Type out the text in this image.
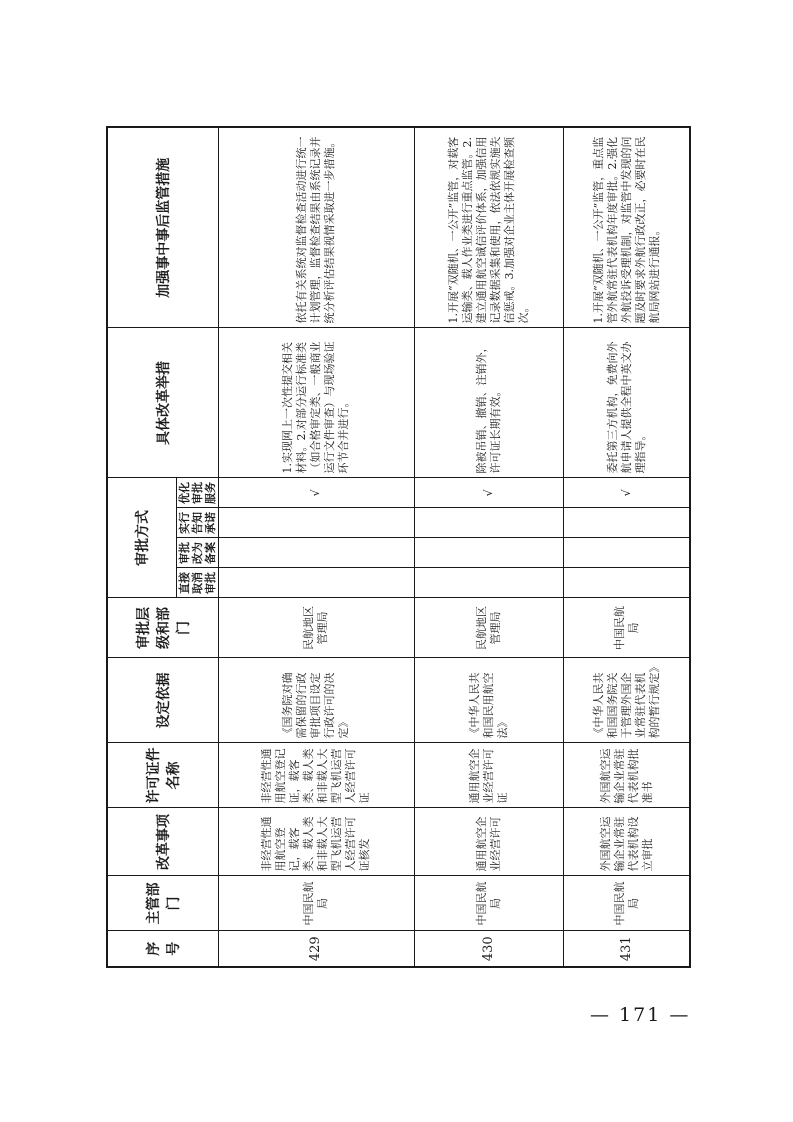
序号	主管部门	改革事项	许可证件名称	设定依据	审批层级和部门	审批方式				具体改革举措	加强事中事后监管措施
						直接取消审批	审批改为备案	实行告知承诺	优化审批服务		
429	中国民航局	非经营性通用航空登记，载客类、载人类和非载人大型飞机运营人经营许可证核发	非经营性通用航空登记证，载客类、载人类和非载人大型飞机运营人经营许可证	《国务院对确需保留的行政审批项目设定行政许可的决定》	民航地区管理局				√	1.实现网上一次性提交相关材料。2.对部分运行标准类（如合格审定类、一般商业运行文件审查）与现场验证环节合并进行。	依托有关系统对监督检查活动进行统一计划管理，监督检查结果由系统记录并统分析评估结果视情采取进一步措施。
430	中国民航局	通用航空企业经营许可	通用航空企业经营许可证	《中华人民共和国民用航空法》	民航地区管理局				√	除被吊销、撤销、注销外，许可证长期有效。	1.开展“双随机、一公开”监管，对载客运输类、载人作业类进行重点监管。2.建立通用航空诚信评价体系，加强信用记录数据采集和使用，依法依规实施失信惩戒。3.加强对企业主体开展检查频次。
431	中国民航局	外国航空运输企业常驻代表机构设立审批	外国航空运输企业常驻代表机构批准书	《中华人民共和国国务院关于管理外国企业常驻代表机构的暂行规定》	中国民航局				√	委托第三方机构，免费向外航申请人提供全程中英文办理指导。	1.开展“双随机、一公开”监管，重点监管外航常驻代表机构年度审批。2.强化外航投诉受理机制，对监管中发现的问题及时要求外航行政改正，必要时在民航局网站进行通报。
— 171 —
